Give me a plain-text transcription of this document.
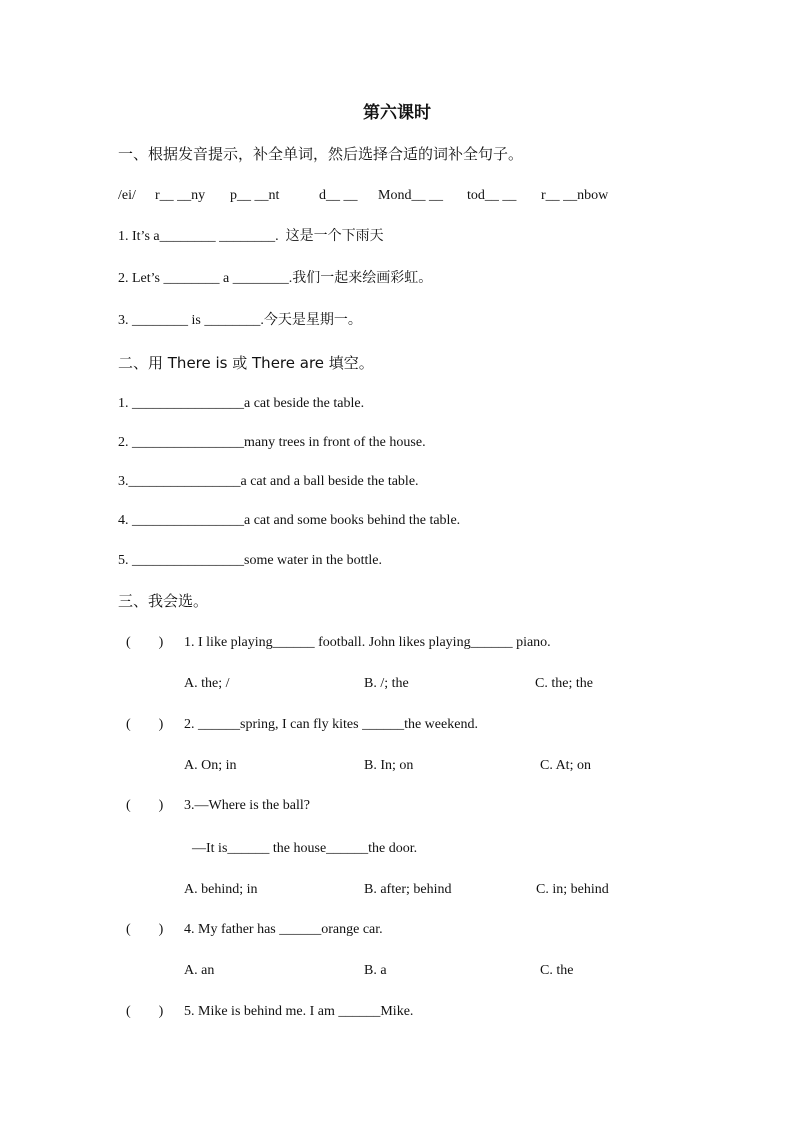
第六课时
一、根据发音提示，补全单词，然后选择合适的词补全句子。
/ei/ r__ __ny p__ __nt	d__ __ Mond__ __ tod__ __ r__ __nbow
1. It’s a________ ________.  这是一个下雨天
2. Let’s ________ a ________.我们一起来绘画彩虹。
3. ________ is ________.今天是星期一。
二、用 There is 或 There are 填空。
1. ________________a cat beside the table.
2. ________________many trees in front of the house.
3.________________a cat and a ball beside the table.
4. ________________a cat and some books behind the table.
5. ________________some water in the bottle.
三、我会选。
(        ) 1. I like playing______ football. John likes playing______ piano.
A. the; /	B. /; the	C. the; the
(        ) 2. ______spring, I can fly kites ______the weekend.
A. On; in	B. In; on	C. At; on
(        ) 3.—Where is the ball?
—It is______ the house______the door.
A. behind; in	B. after; behind	C. in; behind
(        ) 4. My father has ______orange car.
A. an	B. a	C. the
(        ) 5. Mike is behind me. I am ______Mike.
